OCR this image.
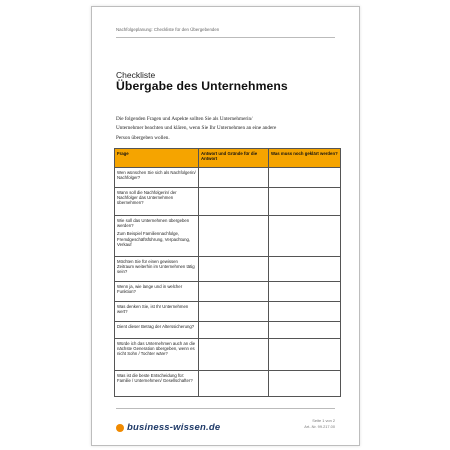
Nachfolgeplanung: Checkliste für den Übergebenden
Checkliste
Übergabe des Unternehmens
Die folgenden Fragen und Aspekte sollten Sie als Unternehmerin/
Unternehmer beachten und klären, wenn Sie Ihr Unternehmen an eine andere
Person übergeben wollen.
Frage	Antwort und Gründe für die Antwort	Was muss noch geklärt werden?
Wen wünschen Sie sich als Nachfolgerin/ Nachfolger?		
Wann soll die Nachfolgerin/ der Nachfolger das Unternehmen übernehmen?		
Wie soll das Unternehmen übergeben werden?
Zum Beispiel Familiennachfolge, Fremdgeschäftsführung, Verpachtung, Verkauf		

Möchten Sie für einen gewissen Zeitraum weiterhin im Unternehmen tätig sein?		
Wenn ja, wie lange und in welcher Funktion?		
Was denken Sie, ist Ihr Unternehmen wert?		
Dient dieser Betrag der Alterssicherung?		
Würde ich das Unternehmen auch an die nächste Generation übergeben, wenn es nicht Sohn / Tochter wäre?		
Was ist die beste Entscheidung für: Familie / Unternehmen/ Gesellschafter?		
business-wissen.de
Seite 1 von 2
Art.-Nr. 99.217.00
